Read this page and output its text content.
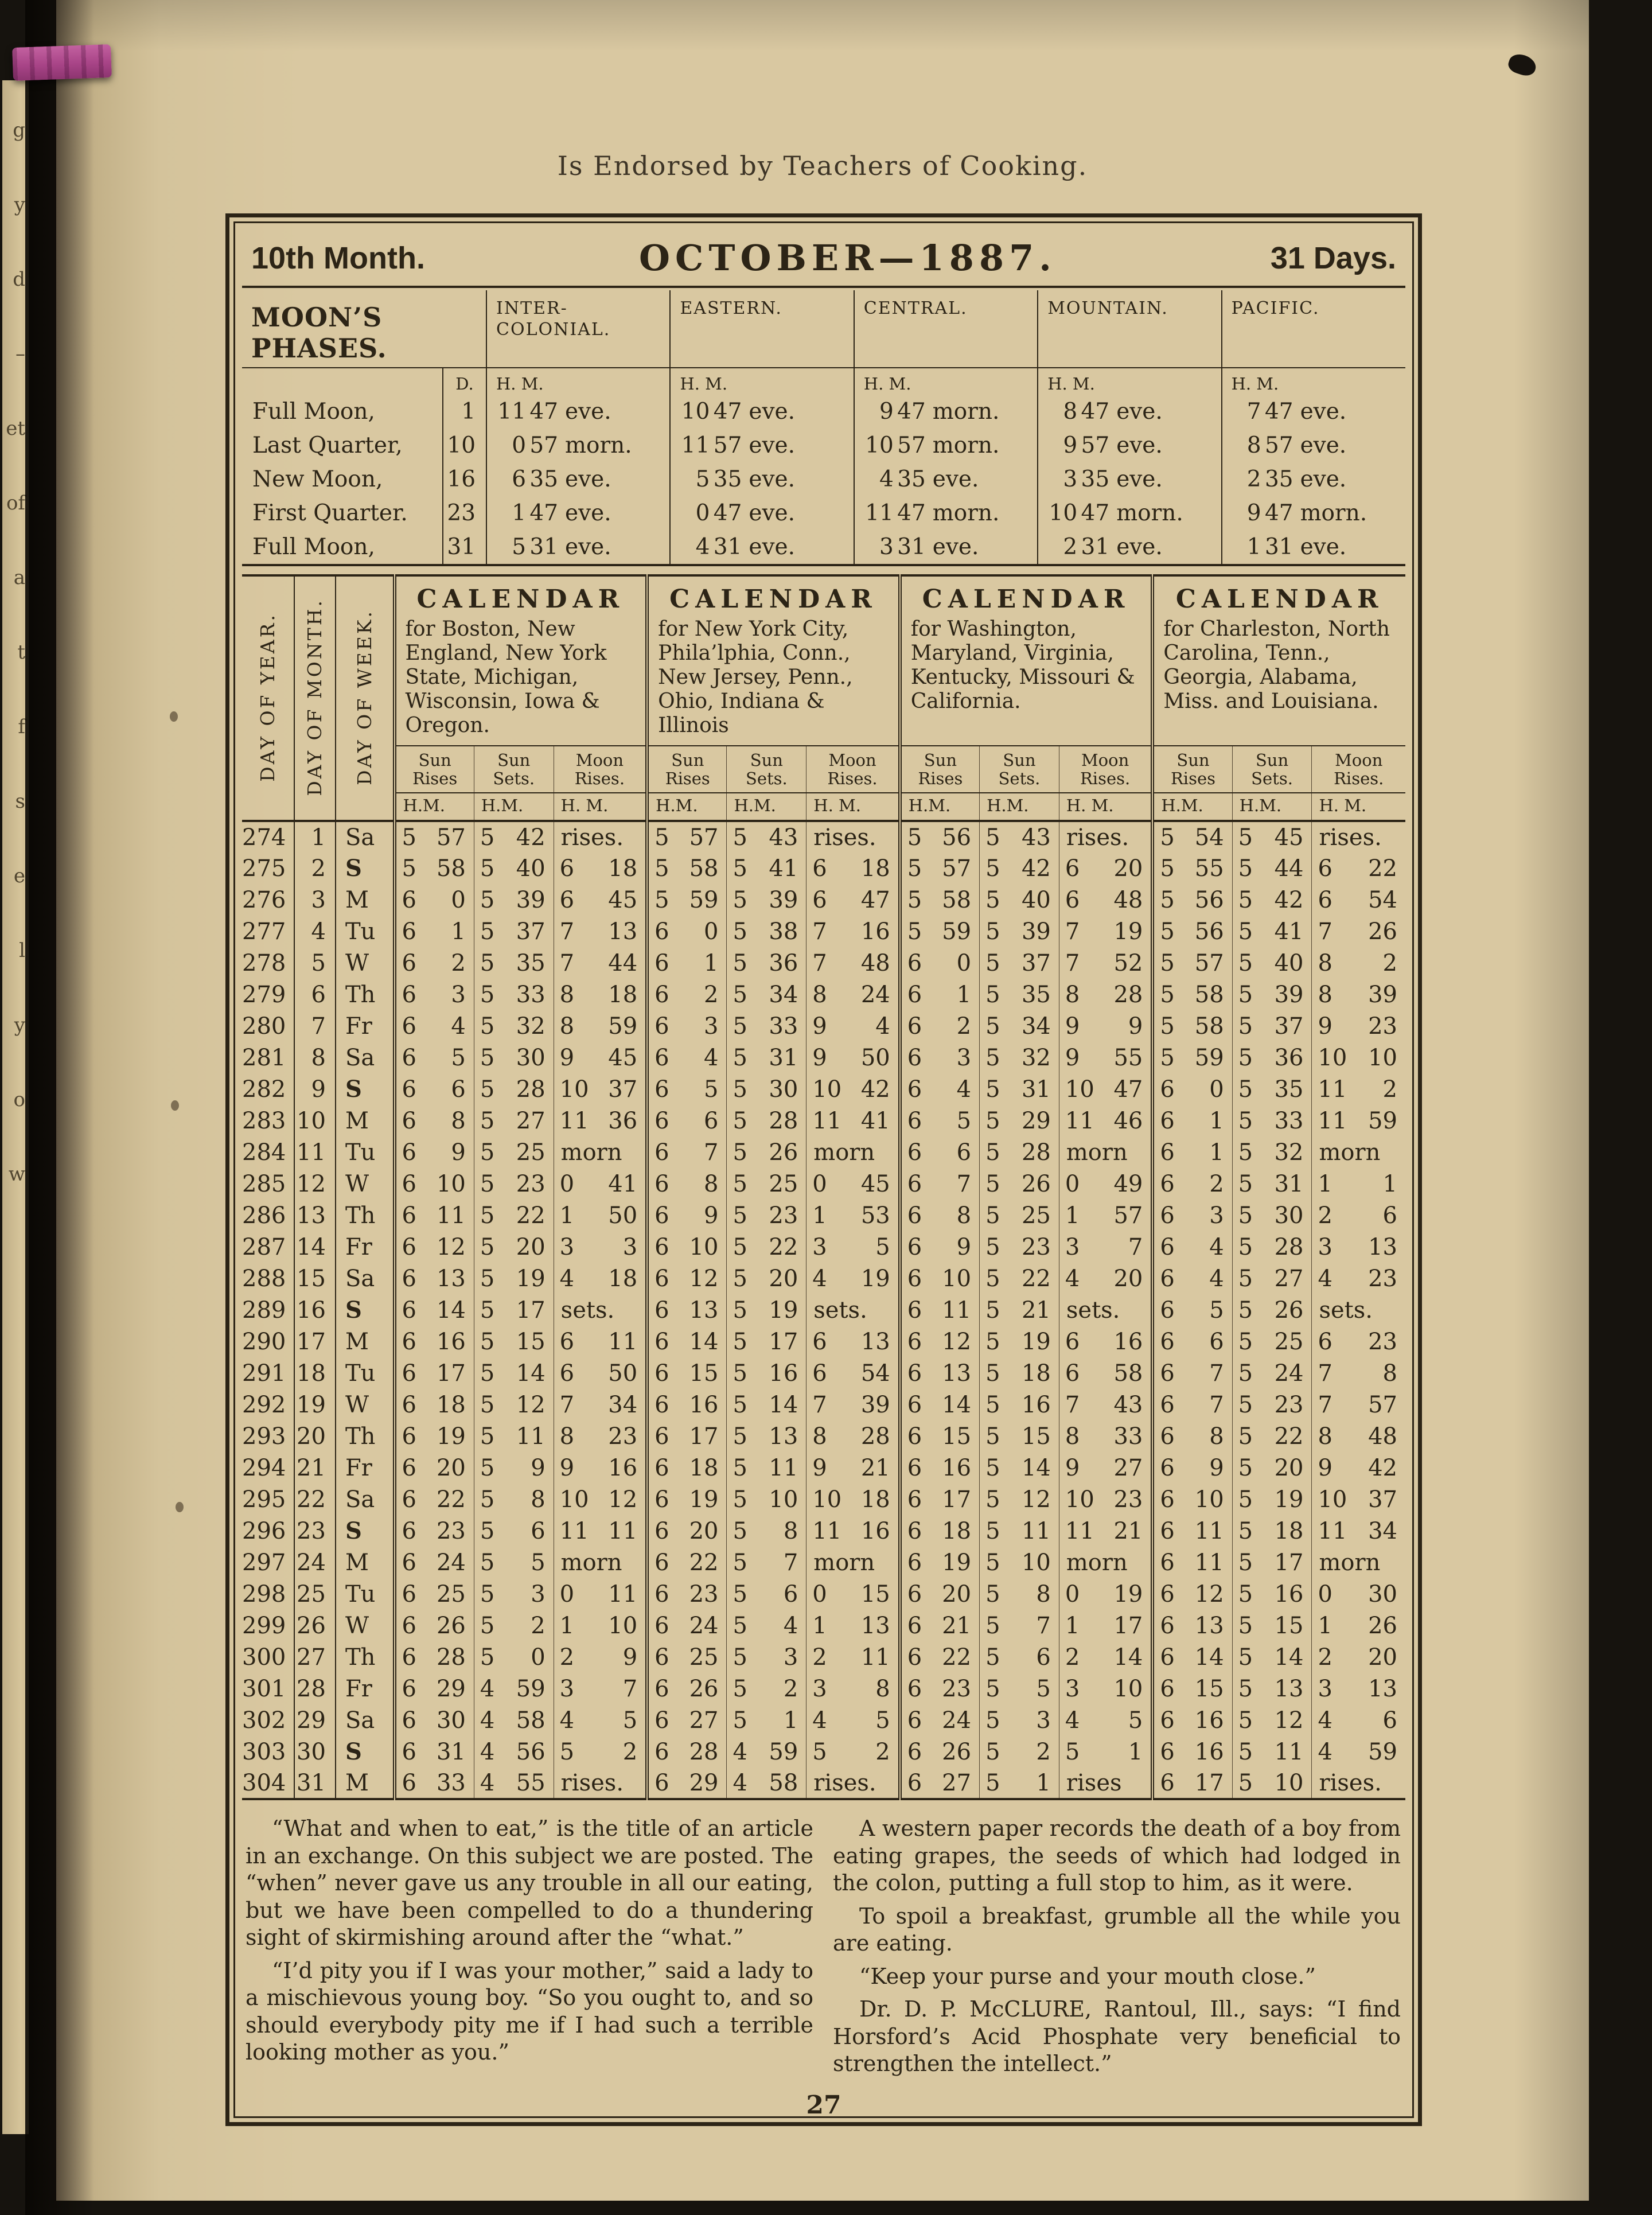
g
y
d
–
et
of
a
t
f
s
e
l
y
o
w
Is Endorsed by Teachers of Cooking.
10th Month.	OCTOBER—1887.	31 Days.
MOON’S PHASES.		INTER-COLONIAL.	EASTERN.	CENTRAL.	MOUNTAIN.	PACIFIC.
	D.	H. M.	H. M.	H. M.	H. M.	H. M.
Full Moon,	1	11 47 eve.	10 47 eve.	9 47 morn.	8 47 eve.	7 47 eve.
Last Quarter,	10	0 57 morn.	11 57 eve.	10 57 morn.	9 57 eve.	8 57 eve.
New Moon,	16	6 35 eve.	5 35 eve.	4 35 eve.	3 35 eve.	2 35 eve.
First Quarter.	23	1 47 eve.	0 47 eve.	11 47 morn.	10 47 morn.	9 47 morn.
Full Moon,	31	5 31 eve.	4 31 eve.	3 31 eve.	2 31 eve.	1 31 eve.
DAY OF YEAR.	DAY OF MONTH.	DAY OF WEEK.	
CALENDAR
for Boston, New England, New York State, Michigan, Wisconsin, Iowa & Oregon.

CALENDAR
for New York City, Phila’lphia, Conn., New Jersey, Penn., Ohio, Indiana & Illinois

CALENDAR
for Washington, Maryland, Virginia, Kentucky, Missouri & California.

CALENDAR
for Charleston, North Carolina, Tenn., Georgia, Alabama, Miss. and Louisiana.

Sun
Rises

Sun
Sets.

Moon
Rises.

Sun
Rises

Sun
Sets.

Moon
Rises.

Sun
Rises

Sun
Sets.

Moon
Rises.

Sun
Rises

Sun
Sets.

Moon
Rises.

			H.M.	H.M.	H. M.	H.M.	H.M.	H. M.	H.M.	H.M.	H. M.	H.M.	H.M.	H. M.
274	1	Sa	5 57	5 42	rises.	5 57	5 43	rises.	5 56	5 43	rises.	5 54	5 45	rises.

275	2	S	5 58	5 40	6 18	5 58	5 41	6 18	5 57	5 42	6 20	5 55	5 44	6 22

276	3	M	6 0	5 39	6 45	5 59	5 39	6 47	5 58	5 40	6 48	5 56	5 42	6 54

277	4	Tu	6 1	5 37	7 13	6 0	5 38	7 16	5 59	5 39	7 19	5 56	5 41	7 26

278	5	W	6 2	5 35	7 44	6 1	5 36	7 48	6 0	5 37	7 52	5 57	5 40	8 2

279	6	Th	6 3	5 33	8 18	6 2	5 34	8 24	6 1	5 35	8 28	5 58	5 39	8 39

280	7	Fr	6 4	5 32	8 59	6 3	5 33	9 4	6 2	5 34	9 9	5 58	5 37	9 23

281	8	Sa	6 5	5 30	9 45	6 4	5 31	9 50	6 3	5 32	9 55	5 59	5 36	10 10

282	9	S	6 6	5 28	10 37	6 5	5 30	10 42	6 4	5 31	10 47	6 0	5 35	11 2

283	10	M	6 8	5 27	11 36	6 6	5 28	11 41	6 5	5 29	11 46	6 1	5 33	11 59

284	11	Tu	6 9	5 25	morn	6 7	5 26	morn	6 6	5 28	morn	6 1	5 32	morn

285	12	W	6 10	5 23	0 41	6 8	5 25	0 45	6 7	5 26	0 49	6 2	5 31	1 1

286	13	Th	6 11	5 22	1 50	6 9	5 23	1 53	6 8	5 25	1 57	6 3	5 30	2 6

287	14	Fr	6 12	5 20	3 3	6 10	5 22	3 5	6 9	5 23	3 7	6 4	5 28	3 13

288	15	Sa	6 13	5 19	4 18	6 12	5 20	4 19	6 10	5 22	4 20	6 4	5 27	4 23

289	16	S	6 14	5 17	sets.	6 13	5 19	sets.	6 11	5 21	sets.	6 5	5 26	sets.

290	17	M	6 16	5 15	6 11	6 14	5 17	6 13	6 12	5 19	6 16	6 6	5 25	6 23

291	18	Tu	6 17	5 14	6 50	6 15	5 16	6 54	6 13	5 18	6 58	6 7	5 24	7 8

292	19	W	6 18	5 12	7 34	6 16	5 14	7 39	6 14	5 16	7 43	6 7	5 23	7 57

293	20	Th	6 19	5 11	8 23	6 17	5 13	8 28	6 15	5 15	8 33	6 8	5 22	8 48

294	21	Fr	6 20	5 9	9 16	6 18	5 11	9 21	6 16	5 14	9 27	6 9	5 20	9 42

295	22	Sa	6 22	5 8	10 12	6 19	5 10	10 18	6 17	5 12	10 23	6 10	5 19	10 37

296	23	S	6 23	5 6	11 11	6 20	5 8	11 16	6 18	5 11	11 21	6 11	5 18	11 34

297	24	M	6 24	5 5	morn	6 22	5 7	morn	6 19	5 10	morn	6 11	5 17	morn

298	25	Tu	6 25	5 3	0 11	6 23	5 6	0 15	6 20	5 8	0 19	6 12	5 16	0 30

299	26	W	6 26	5 2	1 10	6 24	5 4	1 13	6 21	5 7	1 17	6 13	5 15	1 26

300	27	Th	6 28	5 0	2 9	6 25	5 3	2 11	6 22	5 6	2 14	6 14	5 14	2 20

301	28	Fr	6 29	4 59	3 7	6 26	5 2	3 8	6 23	5 5	3 10	6 15	5 13	3 13

302	29	Sa	6 30	4 58	4 5	6 27	5 1	4 5	6 24	5 3	4 5	6 16	5 12	4 6

303	30	S	6 31	4 56	5 2	6 28	4 59	5 2	6 26	5 2	5 1	6 16	5 11	4 59

304	31	M	6 33	4 55	rises.	6 29	4 58	rises.	6 27	5 1	rises	6 17	5 10	rises.

“What and when to eat,” is the title of an article in an exchange. On this subject we are posted. The “when” never gave us any trouble in all our eating, but we have been compelled to do a thundering sight of skirmishing around after the “what.”

“I’d pity you if I was your mother,” said a lady to a mischievous young boy. “So you ought to, and so should everybody pity me if I had such a terrible looking mother as you.”

A western paper records the death of a boy from eating grapes, the seeds of which had lodged in the colon, putting a full stop to him, as it were.

To spoil a breakfast, grumble all the while you are eating.

“Keep your purse and your mouth close.”

Dr. D. P. McCLURE, Rantoul, Ill., says: “I find Horsford’s Acid Phosphate very beneficial to strengthen the intellect.”

27
